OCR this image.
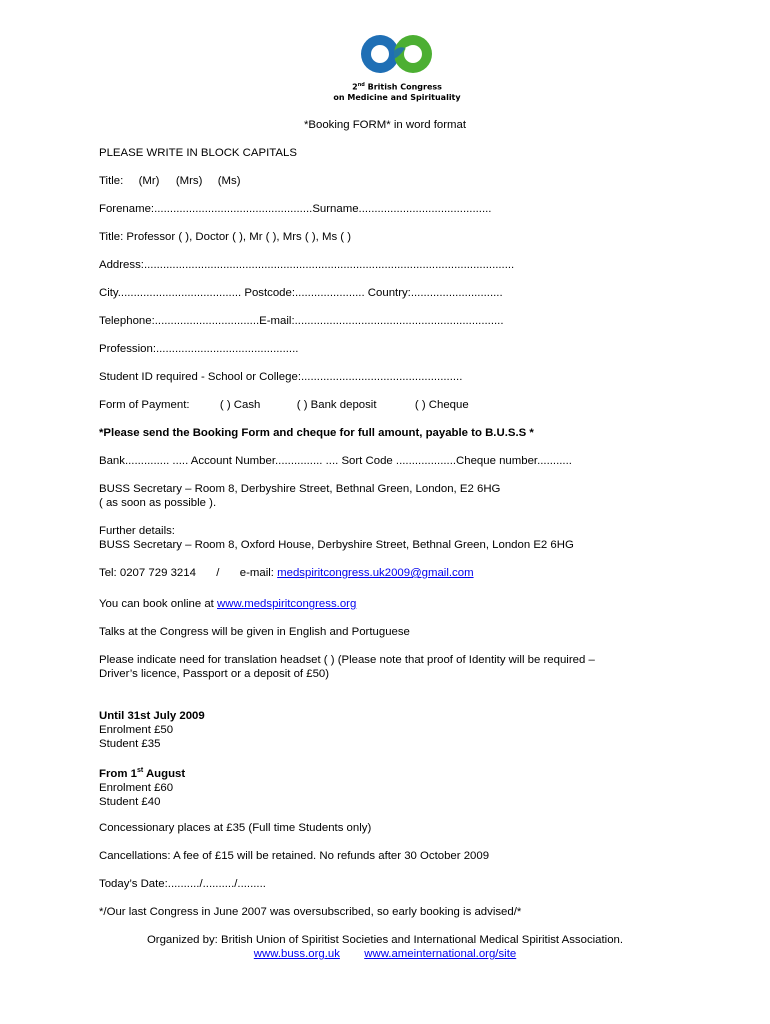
2nd British Congress
on Medicine and Spirituality
*Booking FORM* in word format
PLEASE WRITE IN BLOCK CAPITALS
Title: (Mr) (Mrs) (Ms)
Forename:..................................................Surname..........................................
Title: Professor ( ), Doctor ( ), Mr ( ), Mrs ( ), Ms ( )
Address:.....................................................................................................................
City....................................... Postcode:...................... Country:.............................
Telephone:.................................E-mail:..................................................................
Profession:.............................................
Student ID required - School or College:...................................................
Form of Payment:	( ) Cash	( ) Bank deposit	( ) Cheque
*Please send the Booking Form and cheque for full amount, payable to B.U.S.S *
Bank.............. ..... Account Number............... .... Sort Code ...................Cheque number...........
BUSS Secretary – Room 8, Derbyshire Street, Bethnal Green, London, E2 6HG
( as soon as possible ).
Further details:
BUSS Secretary – Room 8, Oxford House, Derbyshire Street, Bethnal Green, London E2 6HG
Tel: 0207 729 3214 / e-mail: medspiritcongress.uk2009@gmail.com
You can book online at www.medspiritcongress.org
Talks at the Congress will be given in English and Portuguese
Please indicate need for translation headset ( ) (Please note that proof of Identity will be required –
Driver’s licence, Passport or a deposit of £50)
Until 31st July 2009
Enrolment £50
Student £35
From 1st August
Enrolment £60
Student £40
Concessionary places at £35 (Full time Students only)
Cancellations: A fee of £15 will be retained. No refunds after 30 October 2009
Today’s Date:........../........../.........
*/Our last Congress in June 2007 was oversubscribed, so early booking is advised/*
Organized by: British Union of Spiritist Societies and International Medical Spiritist Association.
www.buss.org.uk www.ameinternational.org/site
